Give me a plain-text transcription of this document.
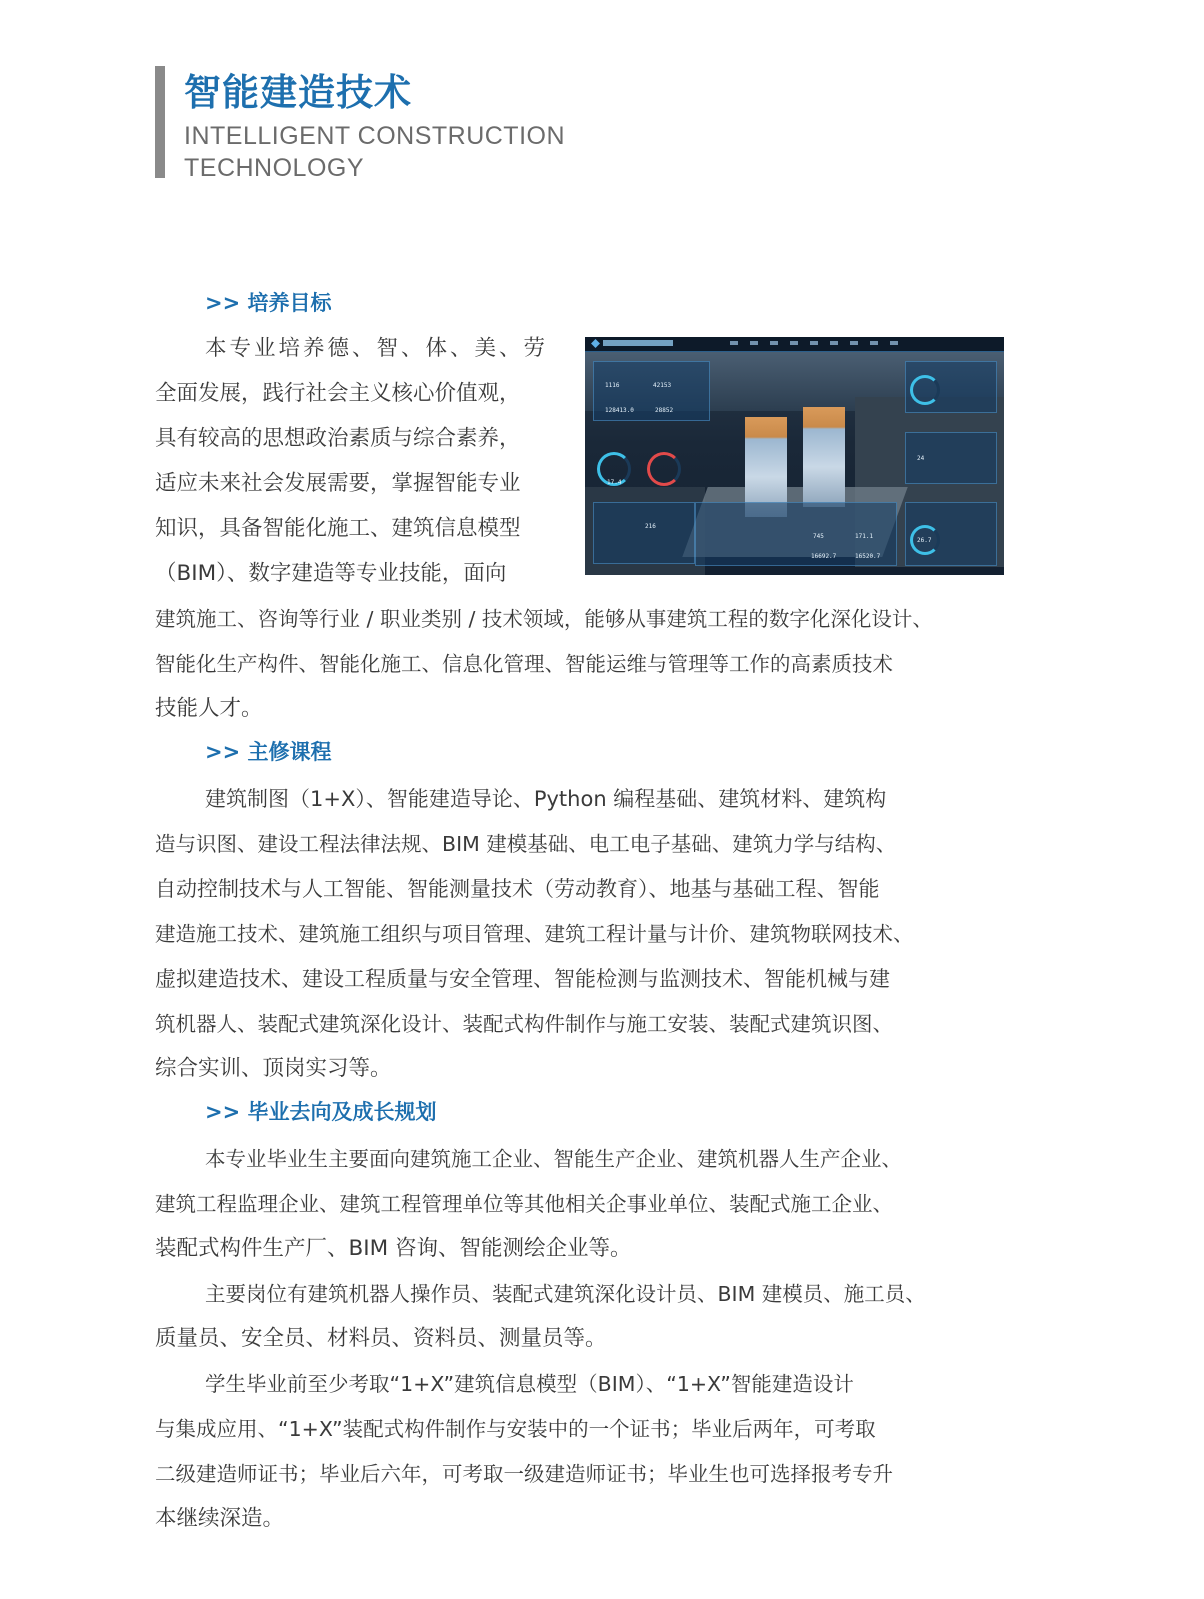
智能建造技术
INTELLIGENT CONSTRUCTION
TECHNOLOGY
>> 培养目标
本专业培养德、智、体、美、劳
全面发展，践行社会主义核心价值观，
具有较高的思想政治素质与综合素养，
适应未来社会发展需要，掌握智能专业
知识，具备智能化施工、建筑信息模型
（BIM）、数字建造等专业技能，面向
建筑施工、咨询等行业 / 职业类别 / 技术领域，能够从事建筑工程的数字化深化设计、
智能化生产构件、智能化施工、信息化管理、智能运维与管理等工作的高素质技术
技能人才。
1116	42153
128413.0	28852
17.4
216
24
745	171.1
16692.7	16520.7
26.7
>> 主修课程
建筑制图（1+X）、智能建造导论、Python 编程基础、建筑材料、建筑构
造与识图、建设工程法律法规、BIM 建模基础、电工电子基础、建筑力学与结构、
自动控制技术与人工智能、智能测量技术（劳动教育）、地基与基础工程、智能
建造施工技术、建筑施工组织与项目管理、建筑工程计量与计价、建筑物联网技术、
虚拟建造技术、建设工程质量与安全管理、智能检测与监测技术、智能机械与建
筑机器人、装配式建筑深化设计、装配式构件制作与施工安装、装配式建筑识图、
综合实训、顶岗实习等。
>> 毕业去向及成长规划
本专业毕业生主要面向建筑施工企业、智能生产企业、建筑机器人生产企业、
建筑工程监理企业、建筑工程管理单位等其他相关企事业单位、装配式施工企业、
装配式构件生产厂、BIM 咨询、智能测绘企业等。
主要岗位有建筑机器人操作员、装配式建筑深化设计员、BIM 建模员、施工员、
质量员、安全员、材料员、资料员、测量员等。
学生毕业前至少考取“1+X”建筑信息模型（BIM）、“1+X”智能建造设计
与集成应用、“1+X”装配式构件制作与安装中的一个证书；毕业后两年，可考取
二级建造师证书；毕业后六年，可考取一级建造师证书；毕业生也可选择报考专升
本继续深造。
